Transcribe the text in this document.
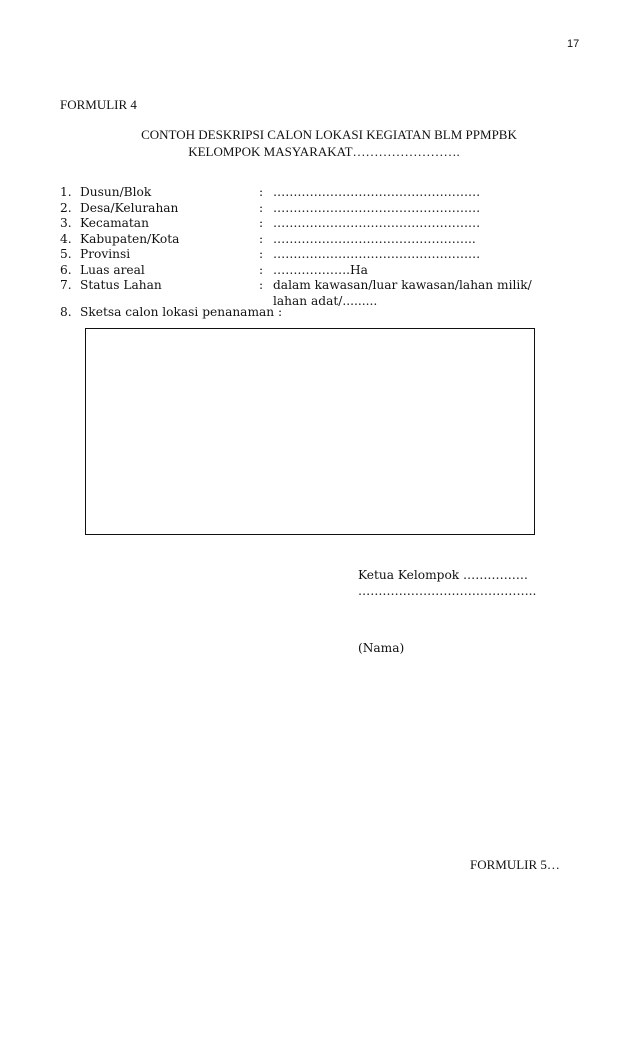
17
FORMULIR 4
CONTOH DESKRIPSI CALON LOKASI KEGIATAN BLM PPMPBK
KELOMPOK MASYARAKAT…………………….
1. Dusun/Blok	: ……………………………………………
2. Desa/Kelurahan	: ……………………………………………
3. Kecamatan	: ……………………………………………
4. Kabupaten/Kota	: …………………………………………..
5. Provinsi	: ……………………………………………
6. Luas areal	: ……………….Ha
7. Status Lahan	: dalam kawasan/luar kawasan/lahan milik/
lahan adat/.........
8. Sketsa calon lokasi penanaman :
Ketua Kelompok …………….
……………………………………..
(Nama)
FORMULIR 5…
